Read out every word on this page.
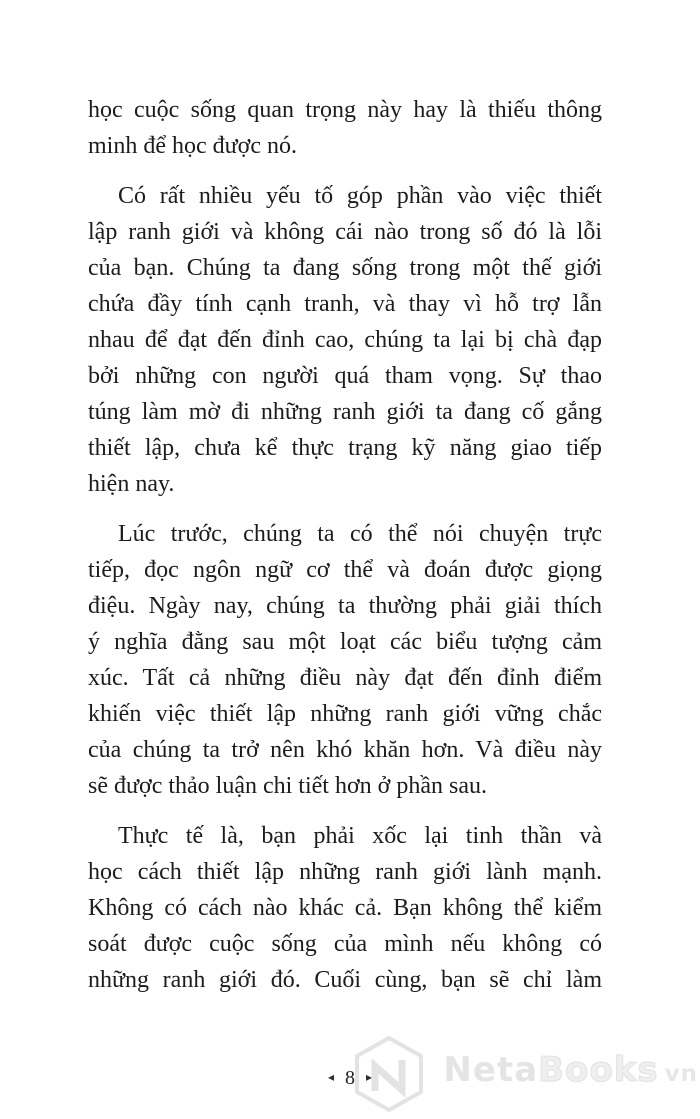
học cuộc sống quan trọng này hay là thiếu thông
minh để học được nó.

Có rất nhiều yếu tố góp phần vào việc thiết
lập ranh giới và không cái nào trong số đó là lỗi
của bạn. Chúng ta đang sống trong một thế giới
chứa đầy tính cạnh tranh, và thay vì hỗ trợ lẫn
nhau để đạt đến đỉnh cao, chúng ta lại bị chà đạp
bởi những con người quá tham vọng. Sự thao
túng làm mờ đi những ranh giới ta đang cố gắng
thiết lập, chưa kể thực trạng kỹ năng giao tiếp
hiện nay.

Lúc trước, chúng ta có thể nói chuyện trực
tiếp, đọc ngôn ngữ cơ thể và đoán được giọng
điệu. Ngày nay, chúng ta thường phải giải thích
ý nghĩa đằng sau một loạt các biểu tượng cảm
xúc. Tất cả những điều này đạt đến đỉnh điểm
khiến việc thiết lập những ranh giới vững chắc
của chúng ta trở nên khó khăn hơn. Và điều này
sẽ được thảo luận chi tiết hơn ở phần sau.

Thực tế là, bạn phải xốc lại tinh thần và
học cách thiết lập những ranh giới lành mạnh.
Không có cách nào khác cả. Bạn không thể kiểm
soát được cuộc sống của mình nếu không có
những ranh giới đó. Cuối cùng, bạn sẽ chỉ làm

◂ 8 ▸	Neta Books vn
